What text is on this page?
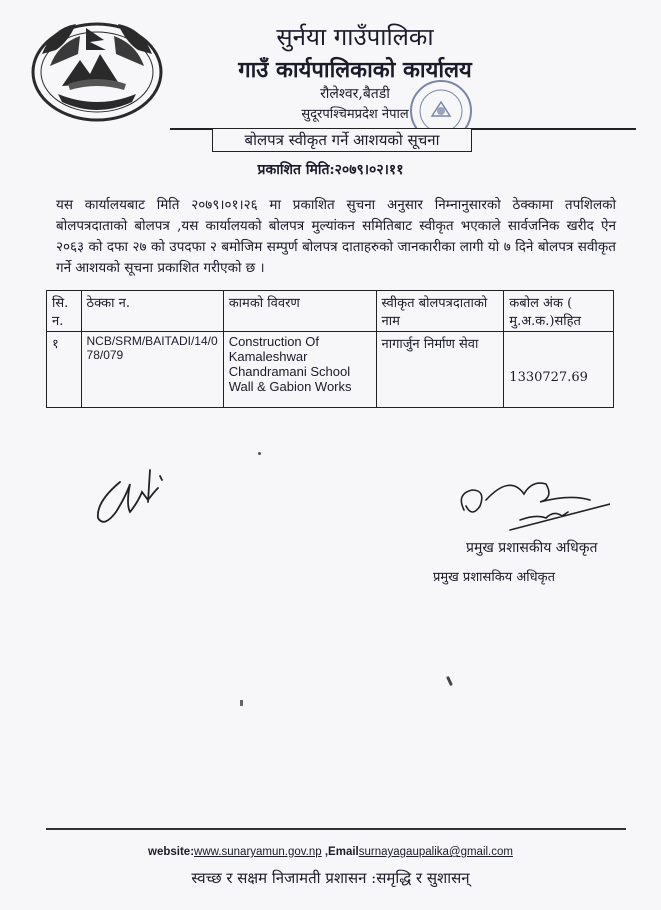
सुर्नया गाउँपालिका
गाउँ कार्यपालिकाको कार्यालय
रौलेश्वर,बैतडी
सुदूरपश्चिमप्रदेश नेपाल
बोलपत्र स्वीकृत गर्ने आशयको सूचना
प्रकाशित मिति:२०७९।०२।११
यस कार्यालयबाट मिति २०७९।०१।२६ मा प्रकाशित सुचना अनुसार निम्नानुसारको ठेक्कामा तपशिलको बोलपत्रदाताको बोलपत्र ,यस कार्यालयको बोलपत्र मुल्यांकन समितिबाट स्वीकृत भएकाले सार्वजनिक खरीद ऐन २०६३ को दफा २७ को उपदफा २ बमोजिम सम्पुर्ण बोलपत्र दाताहरुको जानकारीका लागी यो ७ दिने बोलपत्र सवीकृत गर्ने आशयको सूचना प्रकाशित गरीएको छ ।
सि. न.	ठेक्का न.	कामको विवरण	स्वीकृत बोलपत्रदाताको नाम	कबोल अंक ( मु.अ.क.)सहित
१	NCB/SRM/BAITADI/14/078/079	Construction Of Kamaleshwar Chandramani School Wall & Gabion Works	नागार्जुन निर्माण सेवा	1330727.69
प्रमुख प्रशासकीय अधिकृत
प्रमुख प्रशासकिय अधिकृत
website:www.sunaryamun.gov.np ,Emailsurnayagaupalika@gmail.com
स्वच्छ र सक्षम निजामती प्रशासन :समृद्धि र सुशासन्
